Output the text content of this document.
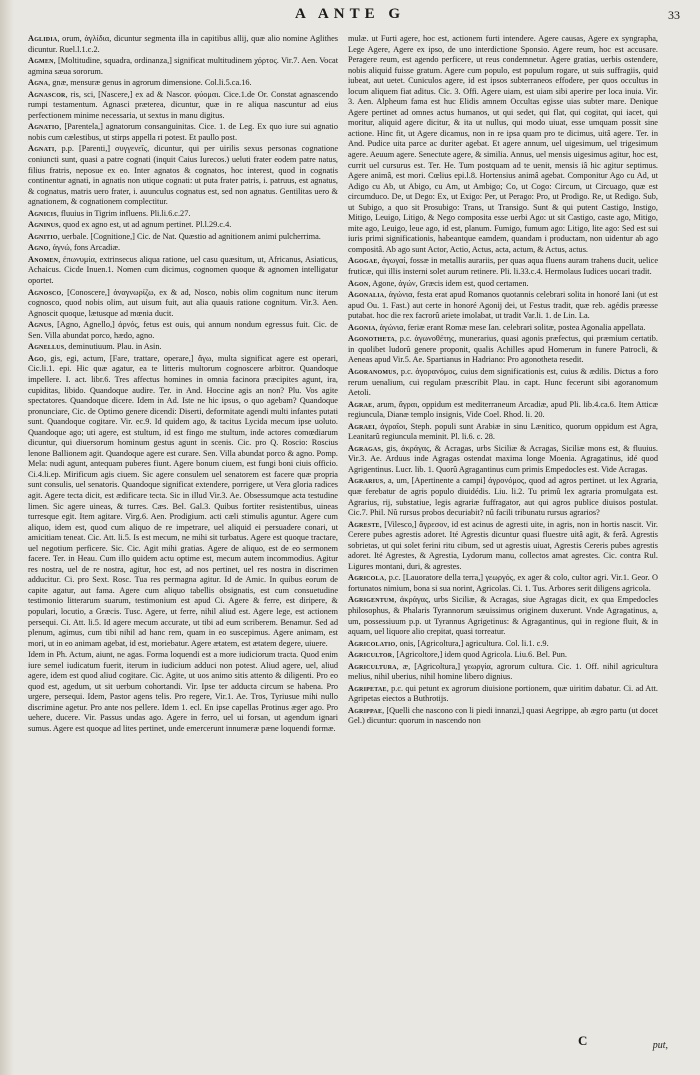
A ANTE G	33

Aglidia, orum, ἀγλίδια, dicuntur segmenta illa in capitibus allij, quæ alio nomine Aglithes dicuntur. Ruel.l.1.c.2.

Agmen, [Moltitudine, squadra, ordinanza,] significat multitudinem χόρτος. Vir.7. Aen. Vocat agmina sæua sororum.

Agna, gnæ, mensuræ genus in agrorum dimensione. Col.li.5.ca.16.

Agnascor, ris, sci, [Nascere,] ex ad & Nascor. φύομαι. Cice.1.de Or. Constat agnascendo rumpi testamentum. Agnasci præterea, dicuntur, quæ in re aliqua nascuntur ad eius perfectionem minime necessaria, ut sextus in manu digitus.

Agnatio, [Parentela,] agnatorum consanguinitas. Cice. 1. de Leg. Ex quo iure sui agnatio nobis cum cælestibus, ut stirps appella ri potest. Et paullo post.

Agnati, p.p. [Parenti,] συγγενεῖς, dicuntur, qui per uirilis sexus personas cognatione coniuncti sunt, quasi a patre cognati (inquit Caius Iurecos.) ueluti frater eodem patre natus, filius fratris, neposue ex eo. Inter agnatos & cognatos, hoc interest, quod in cognatis continentur agnati, in agnatis non utique cognati: ut puta frater patris, i. patruus, est agnatus, & cognatus, matris uero frater, i. auunculus cognatus est, sed non agnatus. Gentilitas uero & agnationem, & cognationem complectitur.

Agnicis, fluuius in Tigrim influens. Pli.li.6.c.27.

Agninus, quod ex agno est, ut ad agnum pertinet. Pl.l.29.c.4.

Agnitio, uerbale. [Cognitione,] Cic. de Nat. Quæstio ad agnitionem animi pulcherrima.

Agno, ἀγνώ, fons Arcadiæ.

Anomen, ἐπωνυμία, extrinsecus aliqua ratione, uel casu quæsitum, ut, Africanus, Asiaticus, Achaicus. Cicde Inuen.1. Nomen cum dicimus, cognomen quoque & agnomen intelligatur oportet.

Agnosco, [Conoscere,] ἀναγνωρίζω, ex & ad, Nosco, nobis olim cognitum nunc iterum cognosco, quod nobis olim, aut uisum fuit, aut alia quauis ratione cognitum. Vir.3. Aen. Agnoscit quoque, lætusque ad mœnia ducit.

Agnus, [Agno, Agnello,] ἀρνός, fetus est ouis, qui annum nondum egressus fuit. Cic. de Sen. Villa abundat porco, hædo, agno.

Agnellus, deminutiuum. Plau. in Asin.

Ago, gis, egi, actum, [Fare, trattare, operare,] ἄγω, multa significat agere est operari, Cic.li.1. epi. Hic quæ agatur, ea te litteris multorum cognoscere arbitror. Quandoque impellere. I. act. libr.6. Tres affectus homines in omnia facinora præcipites agunt, ira, cupiditas, libido. Quandoque audire. Ter. in And. Hoccine agis an non? Plu. Vos agite spectatores. Quandoque dicere. Idem in Ad. Iste ne hic ipsus, o quo agebam? Quandoque pronunciare, Cic. de Optimo genere dicendi: Diserti, deformitate agendi multi infantes putati sunt. Quandoque cogitare. Vir. ec.9. Id quidem ago, & tacitus Lycida mecum ipse uoluto. Quandoque ago; uti agere, est stultum, id est fingo me stultum, inde actores comœdiarum dicuntur, qui diuersorum hominum gestus agunt in scenis. Cic. pro Q. Roscio: Roscius lenone Ballionem agit. Quandoque agere est curare. Sen. Villa abundat porco & agno. Pomp. Mela: nudi agunt, antequam puberes fiunt. Agere bonum ciuem, est fungi boni ciuis officio. Ci.4.li.ep. Mirificum agis ciuem. Sic agere consulem uel senatorem est facere quæ propria sunt consulis, uel senatoris. Quandoque significat extendere, porrigere, ut Vera gloria radices agit. Agere tecta dicit, est ædificare tecta. Sic in illud Vir.3. Ae. Obsessumque acta testudine limen. Sic agere uineas, & turres. Cæs. Bel. Gal.3. Quibus fortiter resistentibus, uineas turresque egit. Item agitare. Virg.6. Aen. Prodigium. acti cæli stimulis aguntur. Agere cum aliquo, idem est, quod cum aliquo de re impetrare, uel aliquid ei persuadere conari, ut amicitiam teneat. Cic. Att. li.5. Is est mecum, ne mihi sit turbatus. Agere est quoque tractare, uel negotium perficere. Sic. Cic. Agit mihi gratias. Agere de aliquo, est de eo sermonem facere. Ter. in Heau. Cum illo quidem actu optime est, mecum autem incommodius. Agitur res nostra, uel de re nostra, agitur, hoc est, ad nos pertinet, uel res nostra in discrimen adducitur. Ci. pro Sext. Rosc. Tua res permagna agitur. Id de Amic. In quibus eorum de capite agatur, aut fama. Agere cum aliquo tabellis obsignatis, est cum consuetudine testimonio litterarum suarum, testimonium est apud Ci. Agere & ferre, est diripere, & populari, locutio, a Græcis. Tusc. Agere, ut ferre, nihil aliud est. Agere lege, est actionem persequi. Ci. Att. li.5. Id agere mecum accurate, ut tibi ad eum scriberem. Benamur. Sed ad plenum, agimus, cum tibi nihil ad hanc rem, quam in eo suscepimus. Agere animam, est mori, ut in eo animam agebat, id est, moriebatur. Agere ætatem, est ætatem degere, uiuere.

Idem in Ph. Actum, aiunt, ne agas. Forma loquendi est a more iudiciorum tracta. Quod enim iure semel iudicatum fuerit, iterum in iudicium adduci non potest. Aliud agere, uel, aliud agere, idem est quod aliud cogitare. Cic. Agite, ut uos animo sitis attento & diligenti. Pro eo quod est, agedum, ut sit uerbum cohortandi. Vir. Ipse ter adducta circum se habena. Pro urgere, persequi. Idem, Pastor agens telis. Pro regere, Vir.1. Ae. Tros, Tyriusue mihi nullo discrimine agetur. Pro ante nos pellere. Idem 1. ecl. En ipse capellas Protinus æger ago. Pro uehere, ducere. Vir. Passus undas ago. Agere in ferro, uel ui forsan, ut agendum ignari sumus. Agere est quoque ad lites pertinet, unde emercerunt innumeræ pæne loquendi formæ.

mulæ. ut Furti agere, hoc est, actionem furti intendere. Agere causas, Agere ex syngrapha, Lege Agere, Agere ex ipso, de uno interdictione Sponsio. Agere reum, hoc est accusare. Peragere reum, est agendo perficere, ut reus condemnetur. Agere gratias, uerbis ostendere, nobis aliquid fuisse gratum. Agere cum populo, est populum rogare, ut suis suffragiis, quid iubeat, aut uetet. Cuniculos agere, id est ipsos subterraneos effodere, per quos occultus in locum aliquem fiat aditus. Cic. 3. Offi. Agere uiam, est uiam sibi aperire per loca inuia. Vir. 3. Aen. Alpheum fama est huc Elidis amnem Occultas egisse uias subter mare. Denique Agere pertinet ad omnes actus humanos, ut qui sedet, qui flat, qui cogitat, qui iacet, qui moritur, aliquid agere dicitur, & ita ut nullus, qui modo uiuat, esse umquam possit sine actione. Hinc fit, ut Agere dicamus, non in re ipsa quam pro te dicimus, uitâ agere. Ter. in And. Pudice uita parce ac duriter agebat. Et agere annum, uel uigesimum, uel trigesimum agere. Aeuum agere. Senectute agere, & similia. Annus, uel mensis uigesimus agitur, hoc est, currit uel cursurus est. Ter. He. Tum postquam ad te uenit, mensis iâ hic agitur septimus. Agere animâ, est mori. Cœlius epi.l.8. Hortensius animâ agebat. Componitur Ago cu Ad, ut Adigo cu Ab, ut Abigo, cu Am, ut Ambigo; Co, ut Cogo: Circum, ut Circuago, quæ est circumduco. De, ut Dego: Ex, ut Exigo: Per, ut Perago: Pro, ut Prodigo. Re, ut Redigo. Sub, ut Subigo, a quo sit Prosubigo: Trans, ut Transigo. Sunt & qui putent Castigo, Instigo, Mitigo, Leuigo, Litigo, & Nego composita esse uerbi Ago: ut sit Castigo, caste ago, Mitigo, mite ago, Leuigo, leue ago, id est, planum. Fumigo, fumum ago: Litigo, lite ago: Sed est sui iuris primi significationis, habeantque eamdem, quandam i productam, non uidentur ab ago compositâ. Ab ago sunt Actor, Actio, Actus, acta, actum, & Actus, actus.

Agogae, ἀγωγαί, fossæ in metallis aurariis, per quas aqua fluens auram trahens ducit, uelice fruticæ, qui illis insterni solet aurum retinere. Pli. li.33.c.4. Hermolaus Iudices uocari tradit.

Agon, Agone, ἀγών, Græcis idem est, quod certamen.

Agonalia, ἀγώνια, festa erat apud Romanos quotannis celebrari solita in honoré Iani (ut est apud Ou. 1. Fast.) aut certe in honoré Agonij dei, ut Festus tradit, quæ reb. agédis præesse putabat. hoc die rex facrorû ariete imolabat, ut tradit Var.li. 1. de Lin. La.

Agonia, ἀγώνια, feriæ erant Romæ mese Ian. celebrari solitæ, postea Agonalia appellata.

Agonotheta, p.c. ἀγωνοθέτης, munerarius, quasi agonis præfectus, qui præmium certatib. in quolibet ludorû genere proponit, qualis Achilles apud Homerum in funere Patrocli, & Aeneas apud Vir.5. Ae. Spartianus in Hadriano: Pro agonotheta resedit.

Agoranomus, p.c. ἀγορανόμος, cuius dem significationis est, cuius & ædilis. Dictus a foro rerum uenalium, cui regulam præscribit Plau. in capt. Hunc fecerunt sibi agoranomum Aetoli.

Agrae, arum, ἄγραι, oppidum est mediterraneum Arcadiæ, apud Pli. lib.4.ca.6. Item Atticæ regiuncula, Dianæ templo insignis, Vide Coel. Rhod. li. 20.

Agraei, ἀγραῖοι, Steph. populi sunt Arabiæ in sinu Lænitico, quorum oppidum est Agra, Leanitarû regiuncula meminit. Pl. li.6. c. 28.

Agragas, gis, ἀκράγας, & Acragas, urbs Siciliæ & Acragas, Siciliæ mons est, & fluuius. Vir.3. Ae. Arduus inde Agragas ostendat maxima longe Moenia. Agragatinus, idé quod Agrigentinus. Lucr. lib. 1. Quorû Agragantinus cum primis Empedocles est. Vide Acragas.

Agrarius, a, um, [Apertinente a campi] ἀγρονόμος, quod ad agros pertinet. ut lex Agraria, quæ ferebatur de agris populo diuidédis. Liu. li.2. Tu primû lex agraria promulgata est. Agrarius, rij, substatiue, legis agrariæ fuffragator, aut qui agros publice diuisos postulat. Cic.7. Phil. Nû rursus probos decuriabit? nû facili tribunatu rursus agrarios?

Agreste, [Vilesco,] ἄγρεσον, id est acinus de agresti uite, in agris, non in hortis nascit. Vir. Cerere pubes agrestis adoret. Ité Agrestis dicuntur quasi fluestre uitâ agit, & ferâ. Agrestis sobrietas, ut qui solet ferini ritu cibum, sed ut agrestis uiuat, Agrestis Cereris pubes agrestis adoret. Ité Agrestes, & Agrestia, Lydorum manu, collectos amat agrestes. Cic. contra Rul. Ligures montani, duri, & agrestes.

Agricola, p.c. [Lauoratore della terra,] γεωργός, ex ager & colo, cultor agri. Vir.1. Geor. O fortunatos nimium, bona si sua norint, Agricolas. Ci. 1. Tus. Arbores serit diligens agricola.

Agrigentum, ἀκράγας, urbs Siciliæ, & Acragas, siue Agragas dicit, ex qua Empedocles philosophus, & Phalaris Tyrannorum sæuissimus originem duxerunt. Vnde Agragatinus, a, um, possessiuum p.p. ut Tyrannus Agrigetinus: & Agragantinus, qui in regione fluit, & in aquam, uel liquore alio crepitat, quasi torreatur.

Agricolatio, onis, [Agricoltura,] agricultura. Col. li.1. c.9.

Agricultor, [Agricoltore,] idem quod Agricola. Liu.6. Bel. Pun.

Agricultura, æ, [Agricoltura,] γεωργία, agrorum cultura. Cic. 1. Off. nihil agricultura melius, nihil uberius, nihil homine libero dignius.

Agripetae, p.c. qui petunt ex agrorum diuisione portionem, quæ uiritim dabatur. Ci. ad Att. Agripetas eiectos a Buthrotijs.

Agrippae, [Quelli che nascono con li piedi innanzi,] quasi Aegrippe, ab ægro partu (ut docet Gel.) dicuntur: quorum in nascendo non

C	put,
